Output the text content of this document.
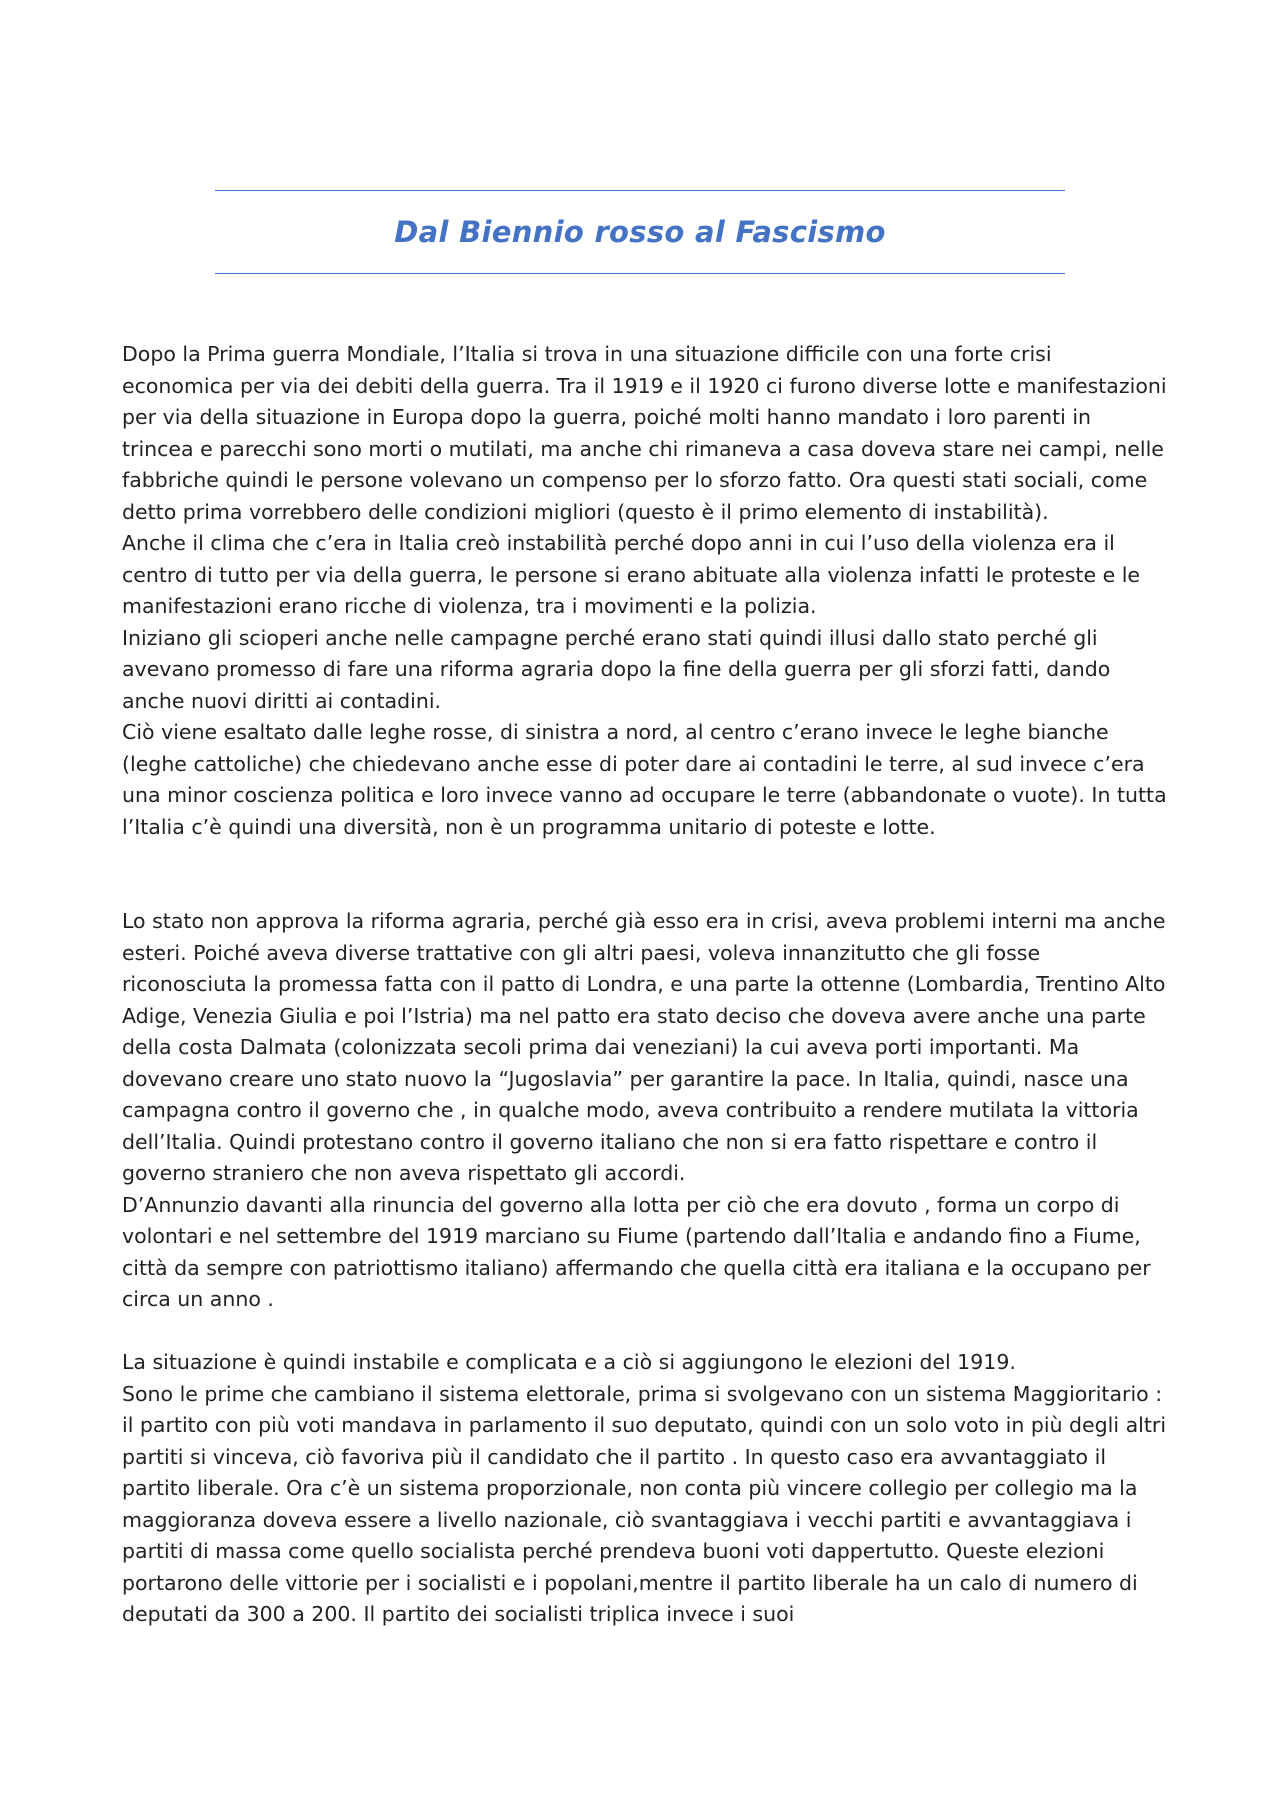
Dal Biennio rosso al Fascismo

Dopo la Prima guerra Mondiale, l’Italia si trova in una situazione difficile con una forte crisi economica per via dei debiti della guerra. Tra il 1919 e il 1920 ci furono diverse lotte e manifestazioni per via della situazione in Europa dopo la guerra, poiché molti hanno mandato i loro parenti in trincea e parecchi sono morti o mutilati, ma anche chi rimaneva a casa doveva stare nei campi, nelle fabbriche quindi le persone volevano un compenso per lo sforzo fatto. Ora questi stati sociali, come detto prima vorrebbero delle condizioni migliori (questo è il primo elemento di instabilità).

Anche il clima che c’era in Italia creò instabilità perché dopo anni in cui l’uso della violenza era il centro di tutto per via della guerra, le persone si erano abituate alla violenza infatti le proteste e le manifestazioni erano ricche di violenza, tra i movimenti e la polizia.

Iniziano gli scioperi anche nelle campagne perché erano stati quindi illusi dallo stato perché gli avevano promesso di fare una riforma agraria dopo la fine della guerra per gli sforzi fatti, dando anche nuovi diritti ai contadini.

Ciò viene esaltato dalle leghe rosse, di sinistra a nord, al centro c’erano invece le leghe bianche (leghe cattoliche) che chiedevano anche esse di poter dare ai contadini le terre, al sud invece c’era una minor coscienza politica e loro invece vanno ad occupare le terre (abbandonate o vuote). In tutta l’Italia c’è quindi una diversità, non è un programma unitario di poteste e lotte.

Lo stato non approva la riforma agraria, perché già esso era in crisi, aveva problemi interni ma anche esteri. Poiché aveva diverse trattative con gli altri paesi, voleva innanzitutto che gli fosse riconosciuta la promessa fatta con il patto di Londra, e una parte la ottenne (Lombardia, Trentino Alto Adige, Venezia Giulia e poi l’Istria) ma nel patto era stato deciso che doveva avere anche una parte della costa Dalmata (colonizzata secoli prima dai veneziani) la cui aveva porti importanti. Ma dovevano creare uno stato nuovo la “Jugoslavia” per garantire la pace. In Italia, quindi, nasce una campagna contro il governo che , in qualche modo, aveva contribuito a rendere mutilata la vittoria dell’Italia. Quindi protestano contro il governo italiano che non si era fatto rispettare e contro il governo straniero che non aveva rispettato gli accordi.

D’Annunzio davanti alla rinuncia del governo alla lotta per ciò che era dovuto , forma un corpo di volontari e nel settembre del 1919 marciano su Fiume (partendo dall’Italia e andando fino a Fiume, città da sempre con patriottismo italiano) affermando che quella città era italiana e la occupano per circa un anno .

La situazione è quindi instabile e complicata e a ciò si aggiungono le elezioni del 1919.

Sono le prime che cambiano il sistema elettorale, prima si svolgevano con un sistema Maggioritario : il partito con più voti mandava in parlamento il suo deputato, quindi con un solo voto in più degli altri partiti si vinceva, ciò favoriva più il candidato che il partito . In questo caso era avvantaggiato il partito liberale. Ora c’è un sistema proporzionale, non conta più vincere collegio per collegio ma la maggioranza doveva essere a livello nazionale, ciò svantaggiava i vecchi partiti e avvantaggiava i partiti di massa come quello socialista perché prendeva buoni voti dappertutto. Queste elezioni portarono delle vittorie per i socialisti e i popolani,mentre il partito liberale ha un calo di numero di deputati da 300 a 200. Il partito dei socialisti triplica invece i suoi
